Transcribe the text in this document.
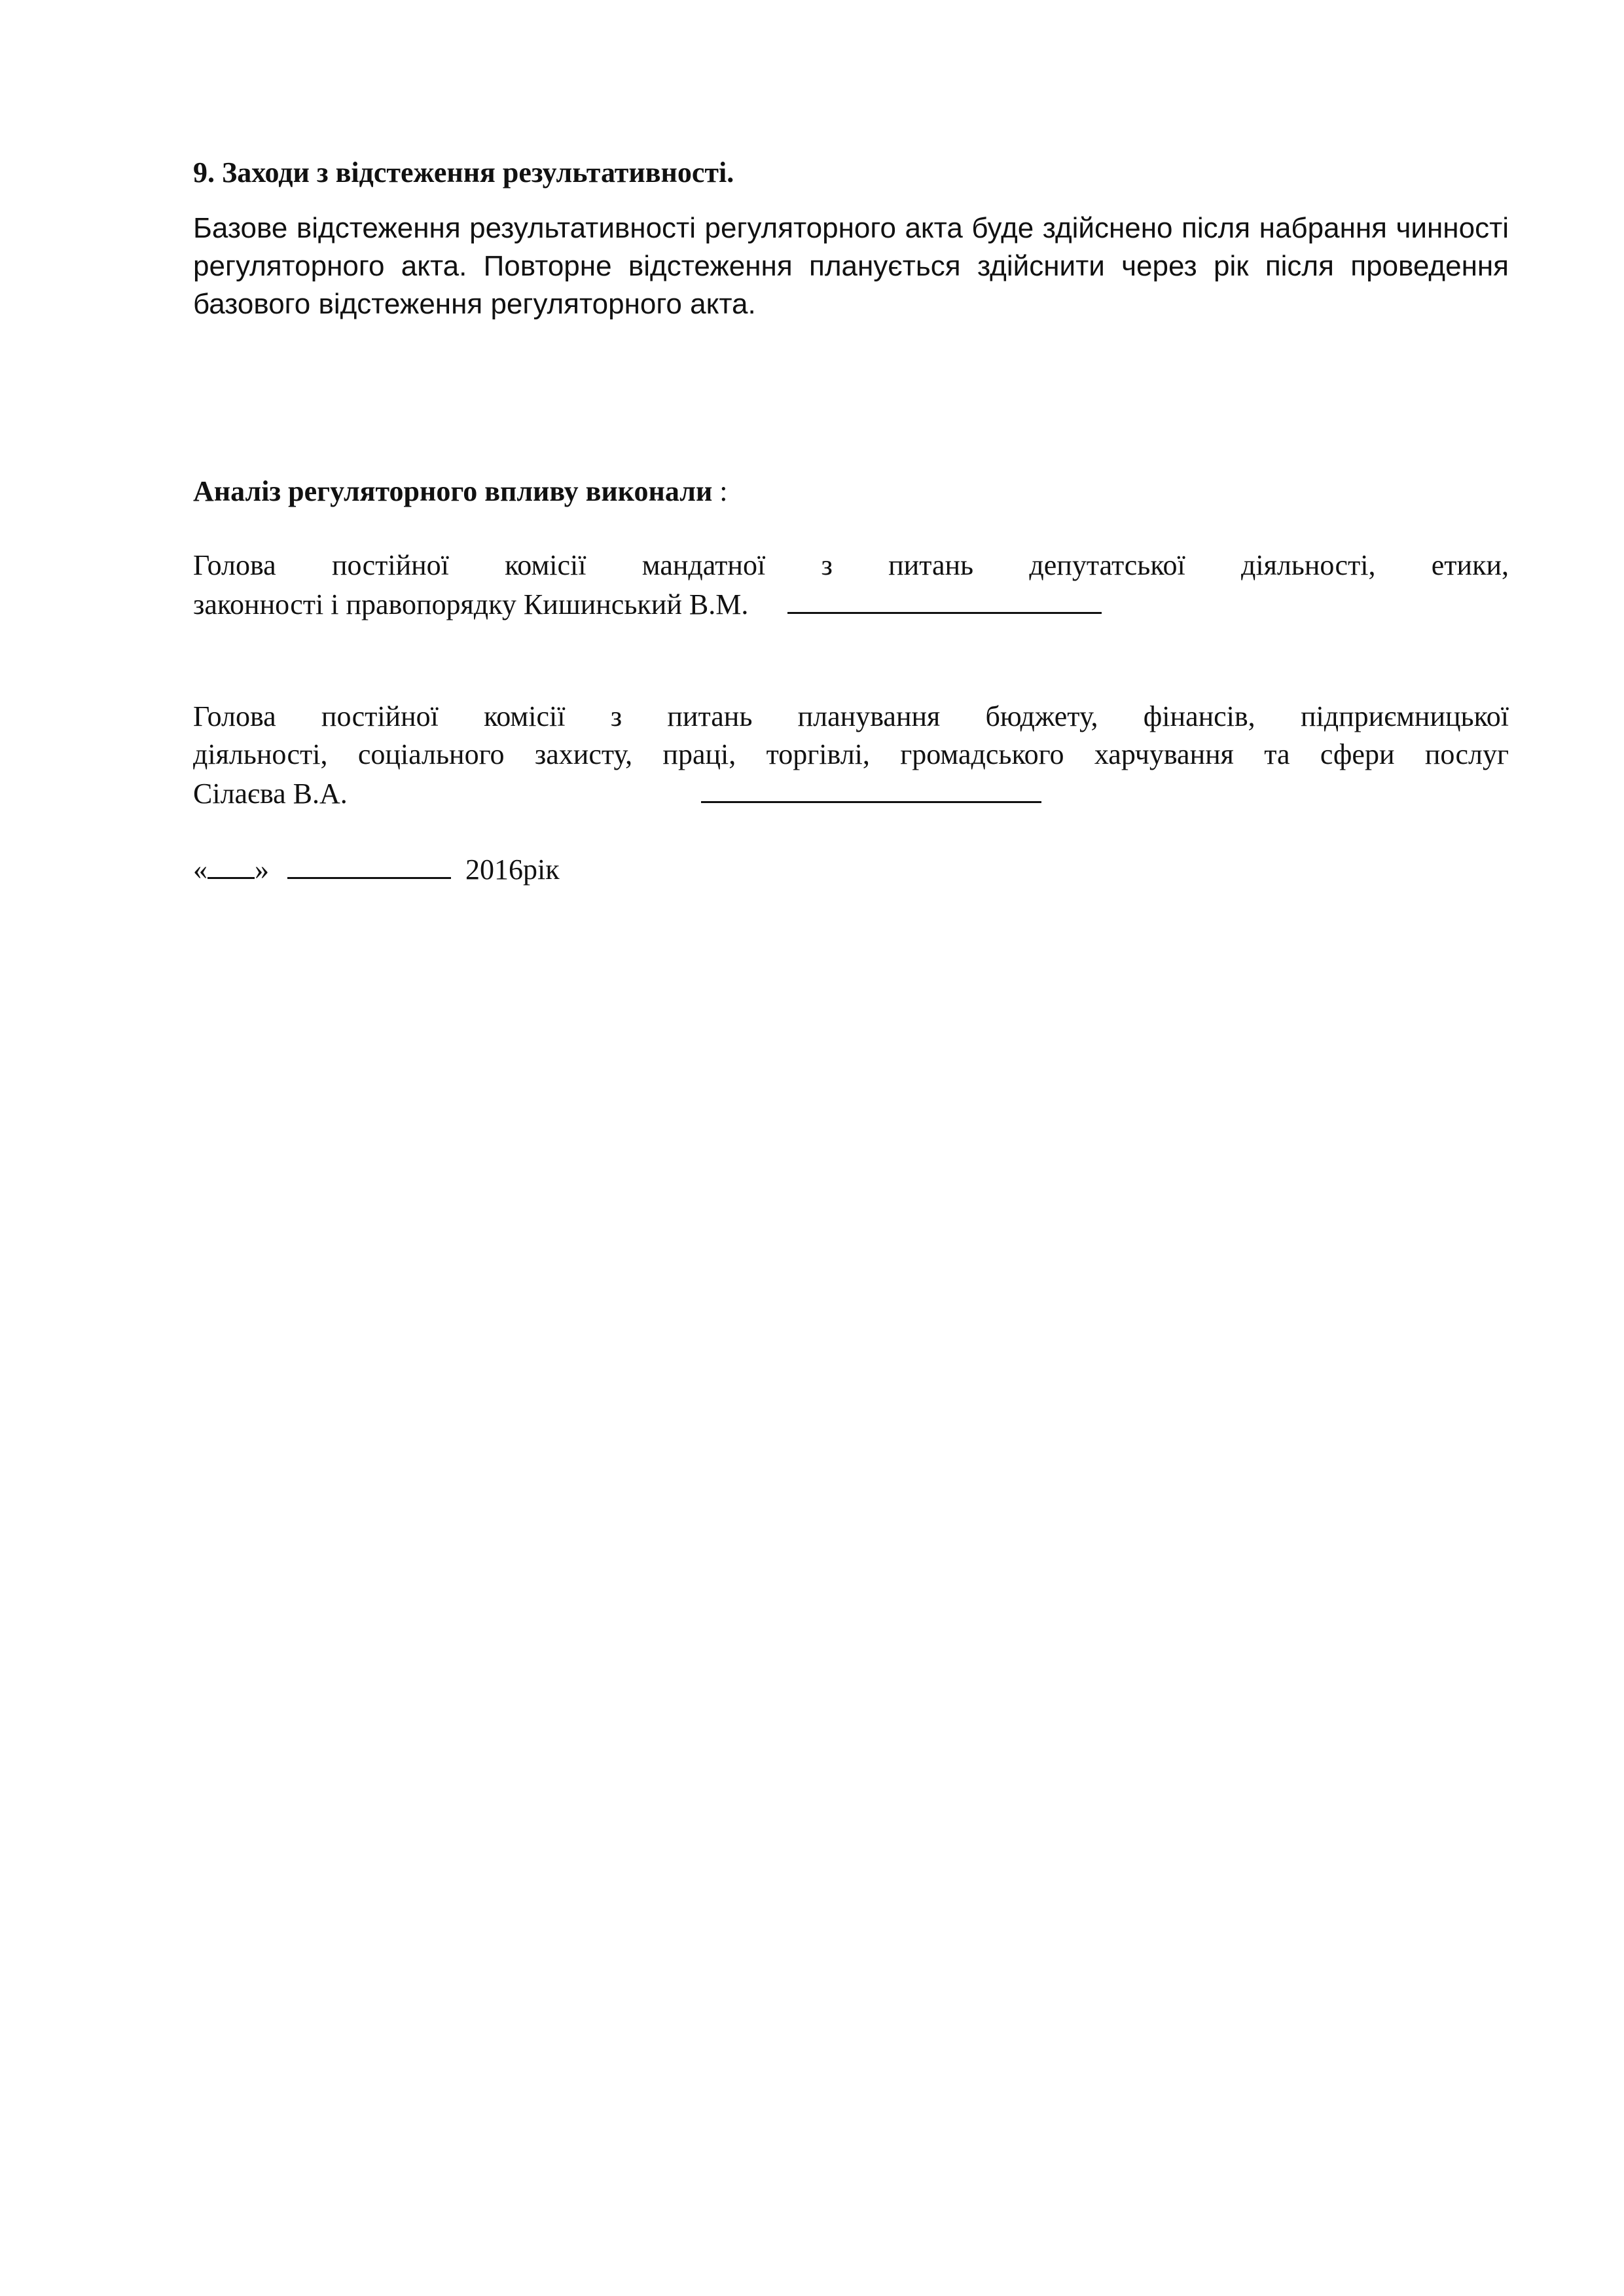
9. Заходи з відстеження результативності.
Базове відстеження результативності регуляторного акта буде здійснено після набрання чинності регуляторного акта. Повторне відстеження планується здійснити через рік після проведення базового відстеження регуляторного акта.
Аналіз регуляторного впливу виконали :
Голова постійної комісії мандатної з питань депутатської діяльності, етики,
законності і правопорядку Кишинський В.М.
Голова постійної комісії з питань планування бюджету, фінансів, підприємницької
діяльності, соціального захисту, праці, торгівлі, громадського харчування та сфери послуг
Сілаєва В.А.
« »	2016рік
